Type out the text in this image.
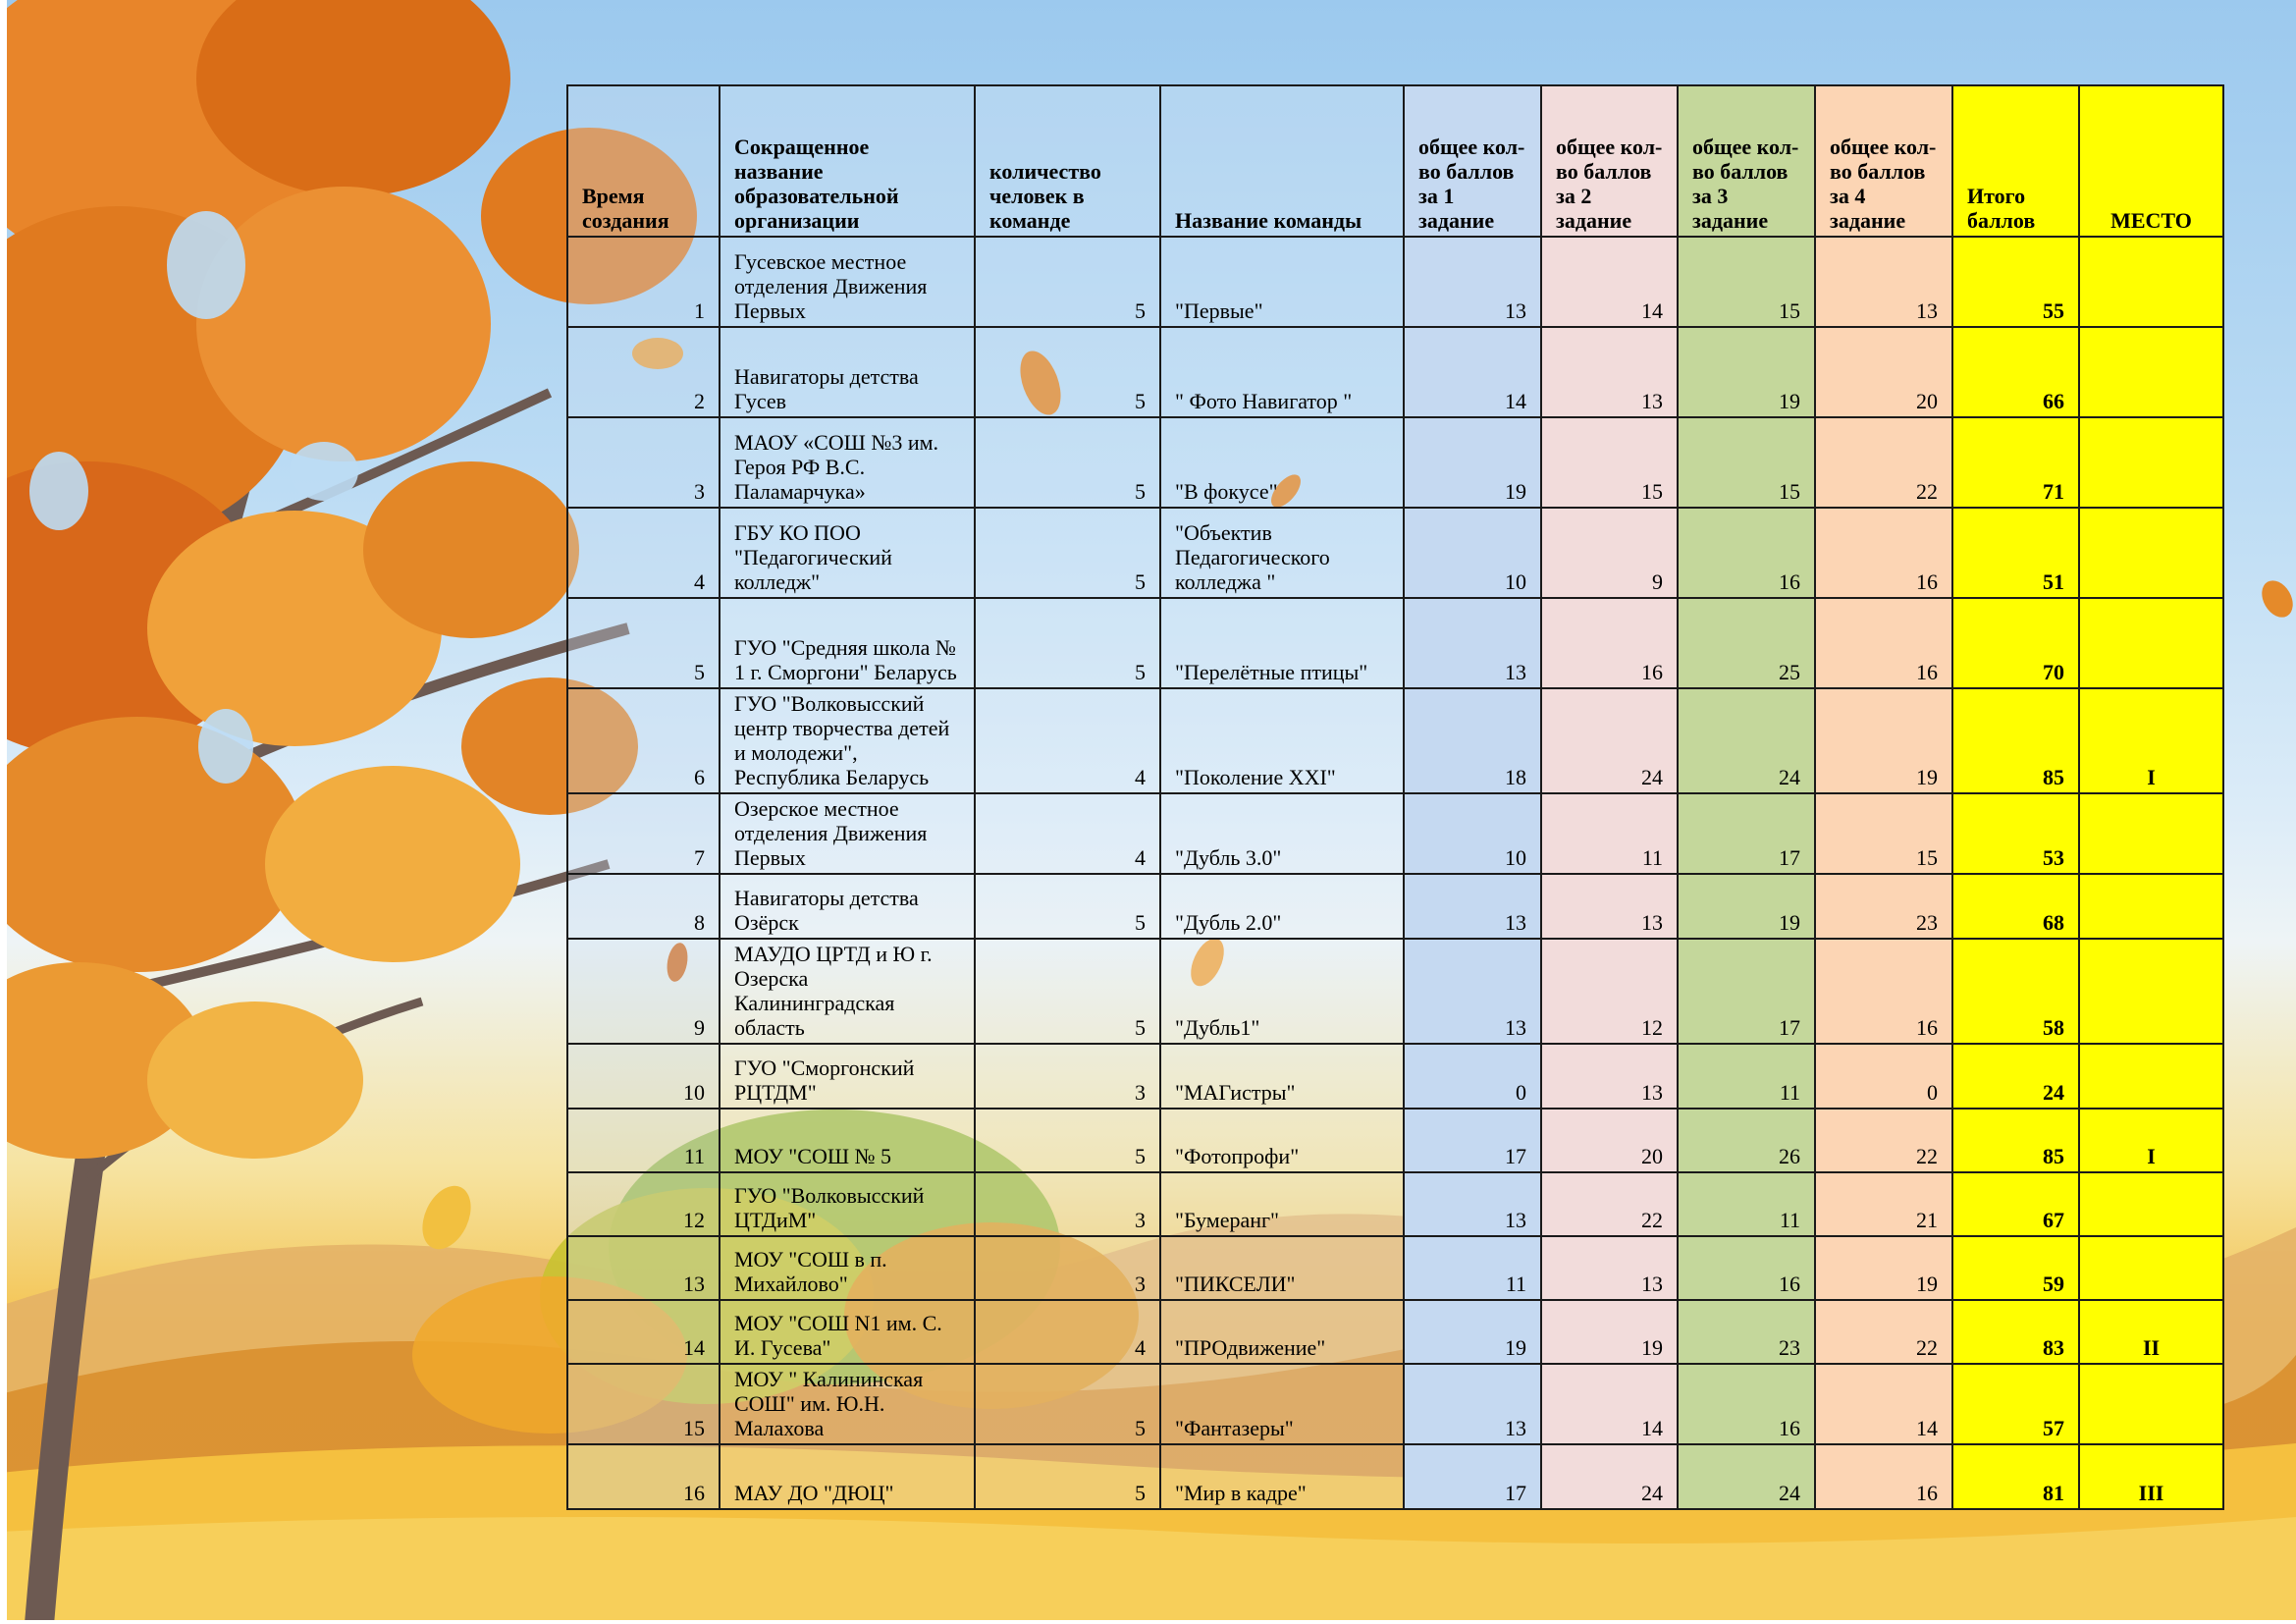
Время создания	Сокращенное название образовательной организации	количество человек в команде	Название команды	общее кол-во баллов за 1 задание	общее кол-во баллов за 2 задание	общее кол-во баллов за 3 задание	общее кол-во баллов за 4 задание	Итого баллов	МЕСТО
1	Гусевское местное отделения Движения Первых	5	"Первые"	13	14	15	13	55	
2	Навигаторы детства Гусев	5	" Фото Навигатор "	14	13	19	20	66	
3	МАОУ «СОШ №3 им. Героя РФ В.С. Паламарчука»	5	"В фокусе"	19	15	15	22	71	
4	ГБУ КО ПОО "Педагогический колледж"	5	"Объектив Педагогического колледжа "	10	9	16	16	51	
5	ГУО "Средняя школа № 1 г. Сморгони" Беларусь	5	"Перелётные птицы"	13	16	25	16	70	
6	ГУО "Волковысский центр творчества детей и молодежи", Республика Беларусь	4	"Поколение XXI"	18	24	24	19	85	I
7	Озерское местное отделения Движения Первых	4	"Дубль 3.0"	10	11	17	15	53	
8	Навигаторы детства Озёрск	5	"Дубль 2.0"	13	13	19	23	68	
9	МАУДО ЦРТД и Ю г. Озерска Калининградская область	5	"Дубль1"	13	12	17	16	58	
10	ГУО "Сморгонский РЦТДМ"	3	"МАГистры"	0	13	11	0	24	
11	МОУ "СОШ № 5	5	"Фотопрофи"	17	20	26	22	85	I
12	ГУО "Волковысский ЦТДиМ"	3	"Бумеранг"	13	22	11	21	67	
13	МОУ "СОШ в п. Михайлово"	3	"ПИКСЕЛИ"	11	13	16	19	59	
14	МОУ "СОШ N1 им. С. И. Гусева"	4	"ПРОдвижение"	19	19	23	22	83	II
15	МОУ " Калининская СОШ" им. Ю.Н. Малахова	5	"Фантазеры"	13	14	16	14	57	
16	МАУ ДО "ДЮЦ"	5	"Мир в кадре"	17	24	24	16	81	III
